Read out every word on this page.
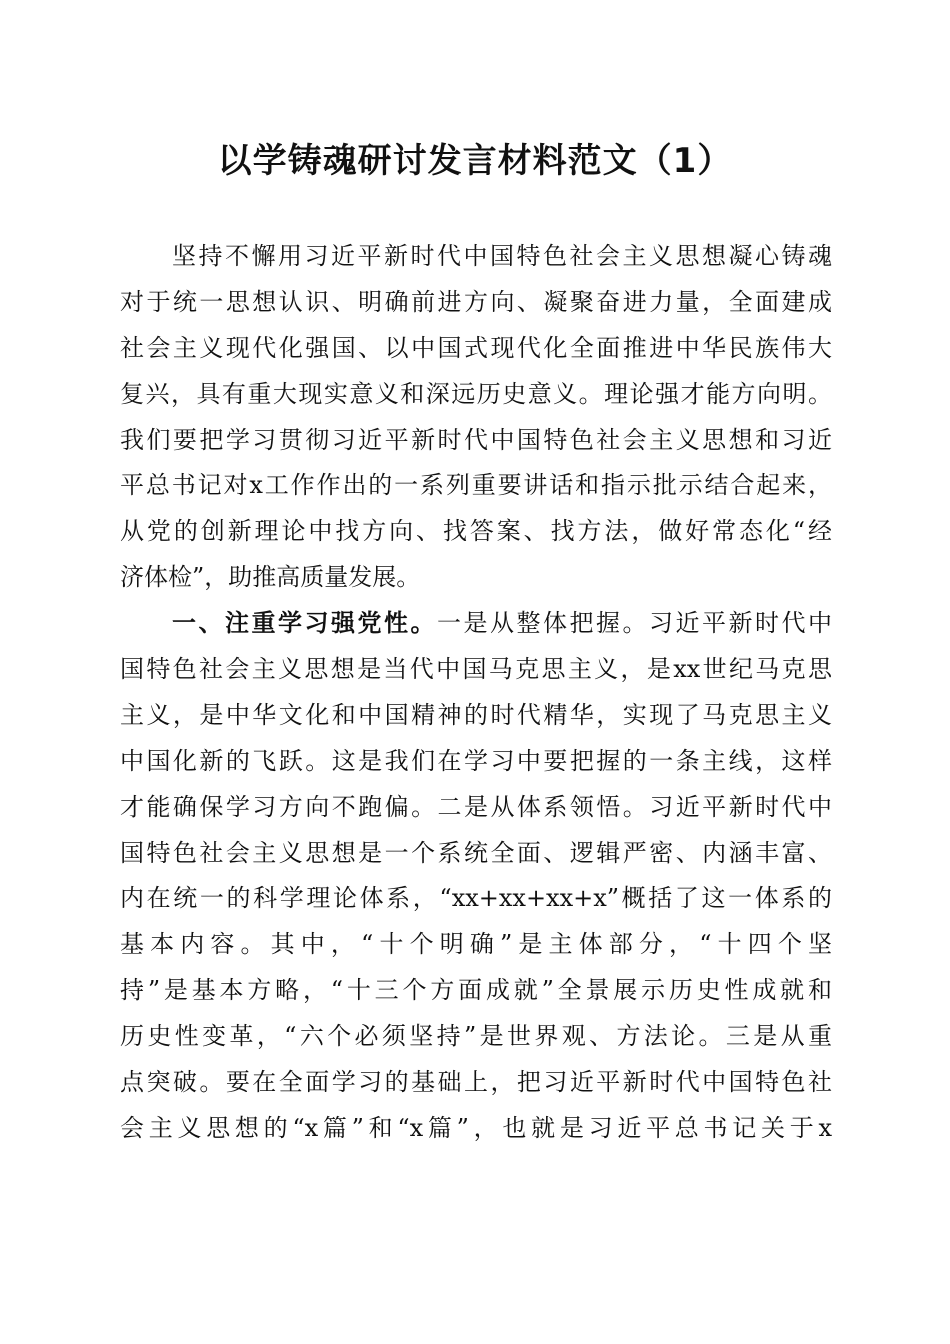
以学铸魂研讨发言材料范文（1）
坚持不懈用习近平新时代中国特色社会主义思想凝心铸魂
对于统一思想认识、明确前进方向、凝聚奋进力量，全面建成
社会主义现代化强国、以中国式现代化全面推进中华民族伟大
复兴，具有重大现实意义和深远历史意义。理论强才能方向明。
我们要把学习贯彻习近平新时代中国特色社会主义思想和习近
平总书记对x工作作出的一系列重要讲话和指示批示结合起来，
从党的创新理论中找方向、找答案、找方法，做好常态化“经
济体检”，助推高质量发展。
一、注重学习强党性。一是从整体把握。习近平新时代中
国特色社会主义思想是当代中国马克思主义，是xx世纪马克思
主义，是中华文化和中国精神的时代精华，实现了马克思主义
中国化新的飞跃。这是我们在学习中要把握的一条主线，这样
才能确保学习方向不跑偏。二是从体系领悟。习近平新时代中
国特色社会主义思想是一个系统全面、逻辑严密、内涵丰富、
内在统一的科学理论体系，“xx+xx+xx+x”概括了这一体系的
基本内容。其中，“十个明确”是主体部分，“十四个坚
持”是基本方略，“十三个方面成就”全景展示历史性成就和
历史性变革，“六个必须坚持”是世界观、方法论。三是从重
点突破。要在全面学习的基础上，把习近平新时代中国特色社
会主义思想的“x篇”和“x篇”，也就是习近平总书记关于x
